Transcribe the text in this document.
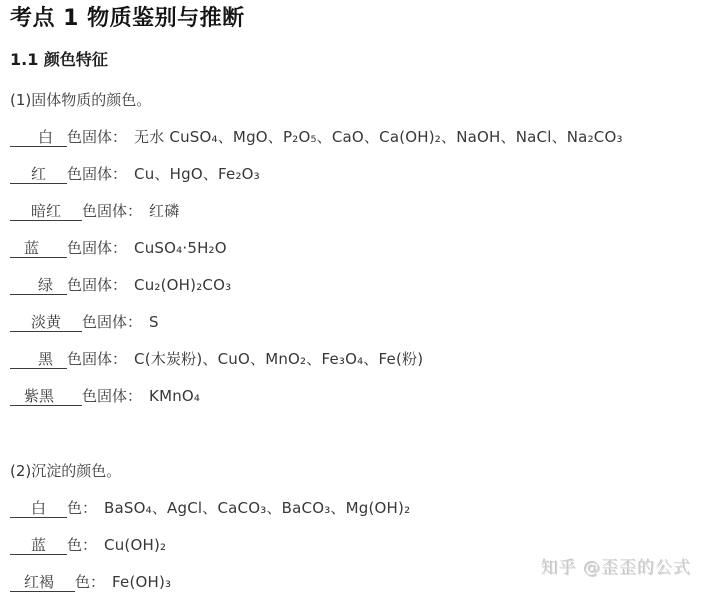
考点 1 物质鉴别与推断
1.1 颜色特征

(1)固体物质的颜色。

白 色固体： 无水 CuSO₄、MgO、P₂O₅、CaO、Ca(OH)₂、NaOH、NaCl、Na₂CO₃
红 色固体： Cu、HgO、Fe₂O₃
暗红 色固体： 红磷
蓝 色固体： CuSO₄·5H₂O
绿 色固体： Cu₂(OH)₂CO₃
淡黄 色固体： S
黑 色固体： C(木炭粉)、CuO、MnO₂、Fe₃O₄、Fe(粉)
紫黑 色固体： KMnO₄

(2)沉淀的颜色。

白 色： BaSO₄、AgCl、CaCO₃、BaCO₃、Mg(OH)₂
蓝 色： Cu(OH)₂
红褐 色： Fe(OH)₃
知乎 @歪歪的公式
